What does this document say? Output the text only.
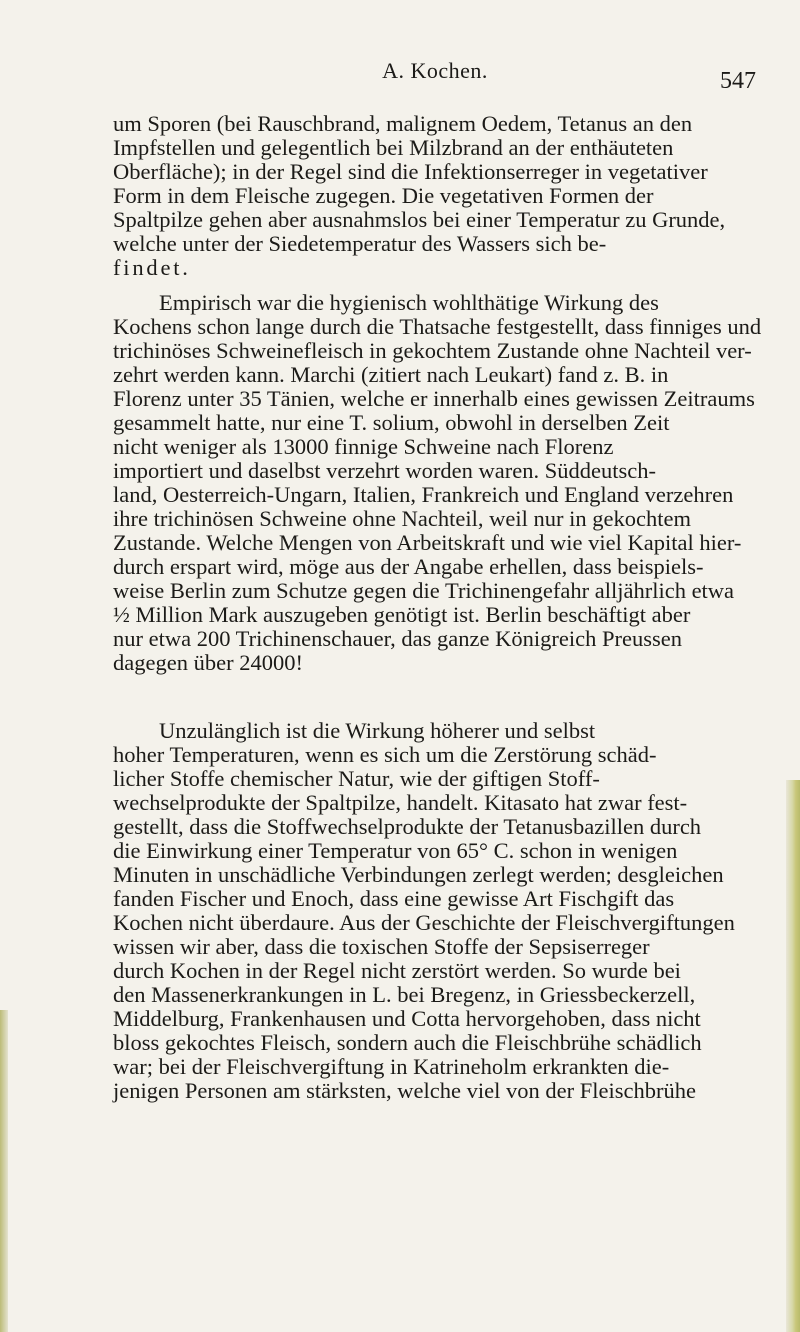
A. Kochen.	547
um Sporen (bei Rauschbrand, malignem Oedem, Tetanus an den
Impfstellen und gelegentlich bei Milzbrand an der enthäuteten
Oberfläche); in der Regel sind die Infektionserreger in vegetativer
Form in dem Fleische zugegen. Die vegetativen Formen der
Spaltpilze gehen aber ausnahmslos bei einer Temperatur zu Grunde,
welche unter der Siedetemperatur des Wassers sich be-
findet.
Empirisch war die hygienisch wohlthätige Wirkung des
Kochens schon lange durch die Thatsache festgestellt, dass finniges und
trichinöses Schweinefleisch in gekochtem Zustande ohne Nachteil ver-
zehrt werden kann. Marchi (zitiert nach Leukart) fand z. B. in
Florenz unter 35 Tänien, welche er innerhalb eines gewissen Zeitraums
gesammelt hatte, nur eine T. solium, obwohl in derselben Zeit
nicht weniger als 13000 finnige Schweine nach Florenz
importiert und daselbst verzehrt worden waren. Süddeutsch-
land, Oesterreich-Ungarn, Italien, Frankreich und England verzehren
ihre trichinösen Schweine ohne Nachteil, weil nur in gekochtem
Zustande. Welche Mengen von Arbeitskraft und wie viel Kapital hier-
durch erspart wird, möge aus der Angabe erhellen, dass beispiels-
weise Berlin zum Schutze gegen die Trichinengefahr alljährlich etwa
½ Million Mark auszugeben genötigt ist. Berlin beschäftigt aber
nur etwa 200 Trichinenschauer, das ganze Königreich Preussen
dagegen über 24000!
Unzulänglich ist die Wirkung höherer und selbst
hoher Temperaturen, wenn es sich um die Zerstörung schäd-
licher Stoffe chemischer Natur, wie der giftigen Stoff-
wechselprodukte der Spaltpilze, handelt. Kitasato hat zwar fest-
gestellt, dass die Stoffwechselprodukte der Tetanusbazillen durch
die Einwirkung einer Temperatur von 65° C. schon in wenigen
Minuten in unschädliche Verbindungen zerlegt werden; desgleichen
fanden Fischer und Enoch, dass eine gewisse Art Fischgift das
Kochen nicht überdaure. Aus der Geschichte der Fleischvergiftungen
wissen wir aber, dass die toxischen Stoffe der Sepsiserreger
durch Kochen in der Regel nicht zerstört werden. So wurde bei
den Massenerkrankungen in L. bei Bregenz, in Griessbeckerzell,
Middelburg, Frankenhausen und Cotta hervorgehoben, dass nicht
bloss gekochtes Fleisch, sondern auch die Fleischbrühe schädlich
war; bei der Fleischvergiftung in Katrineholm erkrankten die-
jenigen Personen am stärksten, welche viel von der Fleischbrühe
